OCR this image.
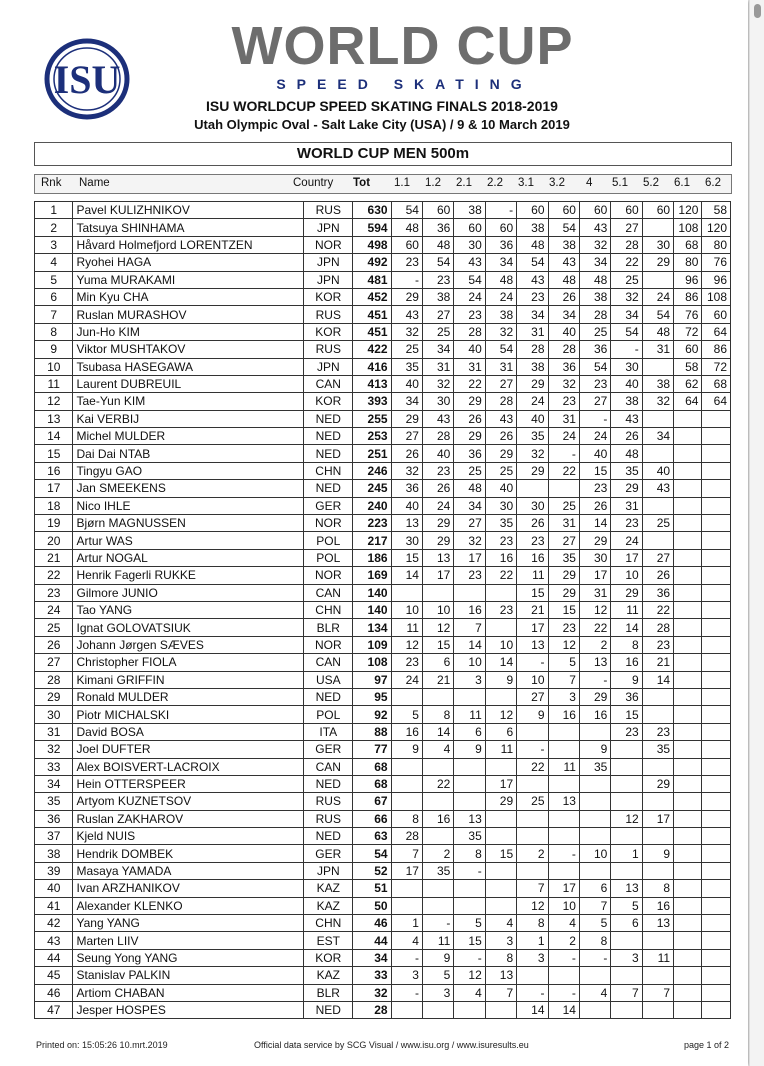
ISU
WORLD CUP
SPEED SKATING
ISU WORLDCUP SPEED SKATING FINALS 2018-2019
Utah Olympic Oval - Salt Lake City (USA) / 9 & 10 March 2019
WORLD CUP MEN 500m
Rnk Name	Country Tot 1.1 1.2 2.1 2.2 3.1 3.2 4 5.1 5.2 6.1 6.2
1	Pavel KULIZHNIKOV	RUS	630	54	60	38	-	60	60	60	60	60	120	58
2	Tatsuya SHINHAMA	JPN	594	48	36	60	60	38	54	43	27		108	120
3	Håvard Holmefjord LORENTZEN	NOR	498	60	48	30	36	48	38	32	28	30	68	80
4	Ryohei HAGA	JPN	492	23	54	43	34	54	43	34	22	29	80	76
5	Yuma MURAKAMI	JPN	481	-	23	54	48	43	48	48	25		96	96
6	Min Kyu CHA	KOR	452	29	38	24	24	23	26	38	32	24	86	108
7	Ruslan MURASHOV	RUS	451	43	27	23	38	34	34	28	34	54	76	60
8	Jun-Ho KIM	KOR	451	32	25	28	32	31	40	25	54	48	72	64
9	Viktor MUSHTAKOV	RUS	422	25	34	40	54	28	28	36	-	31	60	86
10	Tsubasa HASEGAWA	JPN	416	35	31	31	31	38	36	54	30		58	72
11	Laurent DUBREUIL	CAN	413	40	32	22	27	29	32	23	40	38	62	68
12	Tae-Yun KIM	KOR	393	34	30	29	28	24	23	27	38	32	64	64
13	Kai VERBIJ	NED	255	29	43	26	43	40	31	-	43			
14	Michel MULDER	NED	253	27	28	29	26	35	24	24	26	34		
15	Dai Dai NTAB	NED	251	26	40	36	29	32	-	40	48			
16	Tingyu GAO	CHN	246	32	23	25	25	29	22	15	35	40		
17	Jan SMEEKENS	NED	245	36	26	48	40			23	29	43		
18	Nico IHLE	GER	240	40	24	34	30	30	25	26	31			
19	Bjørn MAGNUSSEN	NOR	223	13	29	27	35	26	31	14	23	25		
20	Artur WAS	POL	217	30	29	32	23	23	27	29	24			
21	Artur NOGAL	POL	186	15	13	17	16	16	35	30	17	27		
22	Henrik Fagerli RUKKE	NOR	169	14	17	23	22	11	29	17	10	26		
23	Gilmore JUNIO	CAN	140					15	29	31	29	36		
24	Tao YANG	CHN	140	10	10	16	23	21	15	12	11	22		
25	Ignat GOLOVATSIUK	BLR	134	11	12	7		17	23	22	14	28		
26	Johann Jørgen SÆVES	NOR	109	12	15	14	10	13	12	2	8	23		
27	Christopher FIOLA	CAN	108	23	6	10	14	-	5	13	16	21		
28	Kimani GRIFFIN	USA	97	24	21	3	9	10	7	-	9	14		
29	Ronald MULDER	NED	95					27	3	29	36			
30	Piotr MICHALSKI	POL	92	5	8	11	12	9	16	16	15			
31	David BOSA	ITA	88	16	14	6	6				23	23		
32	Joel DUFTER	GER	77	9	4	9	11	-		9		35		
33	Alex BOISVERT-LACROIX	CAN	68					22	11	35				
34	Hein OTTERSPEER	NED	68		22		17					29		
35	Artyom KUZNETSOV	RUS	67				29	25	13					
36	Ruslan ZAKHAROV	RUS	66	8	16	13					12	17		
37	Kjeld NUIS	NED	63	28		35								
38	Hendrik DOMBEK	GER	54	7	2	8	15	2	-	10	1	9		
39	Masaya YAMADA	JPN	52	17	35	-								
40	Ivan ARZHANIKOV	KAZ	51					7	17	6	13	8		
41	Alexander KLENKO	KAZ	50					12	10	7	5	16		
42	Yang YANG	CHN	46	1	-	5	4	8	4	5	6	13		
43	Marten LIIV	EST	44	4	11	15	3	1	2	8				
44	Seung Yong YANG	KOR	34	-	9	-	8	3	-	-	3	11		
45	Stanislav PALKIN	KAZ	33	3	5	12	13							
46	Artiom CHABAN	BLR	32	-	3	4	7	-	-	4	7	7		
47	Jesper HOSPES	NED	28					14	14					
Printed on: 15:05:26 10.mrt.2019	Official data service by SCG Visual / www.isu.org / www.isuresults.eu	page 1 of 2
